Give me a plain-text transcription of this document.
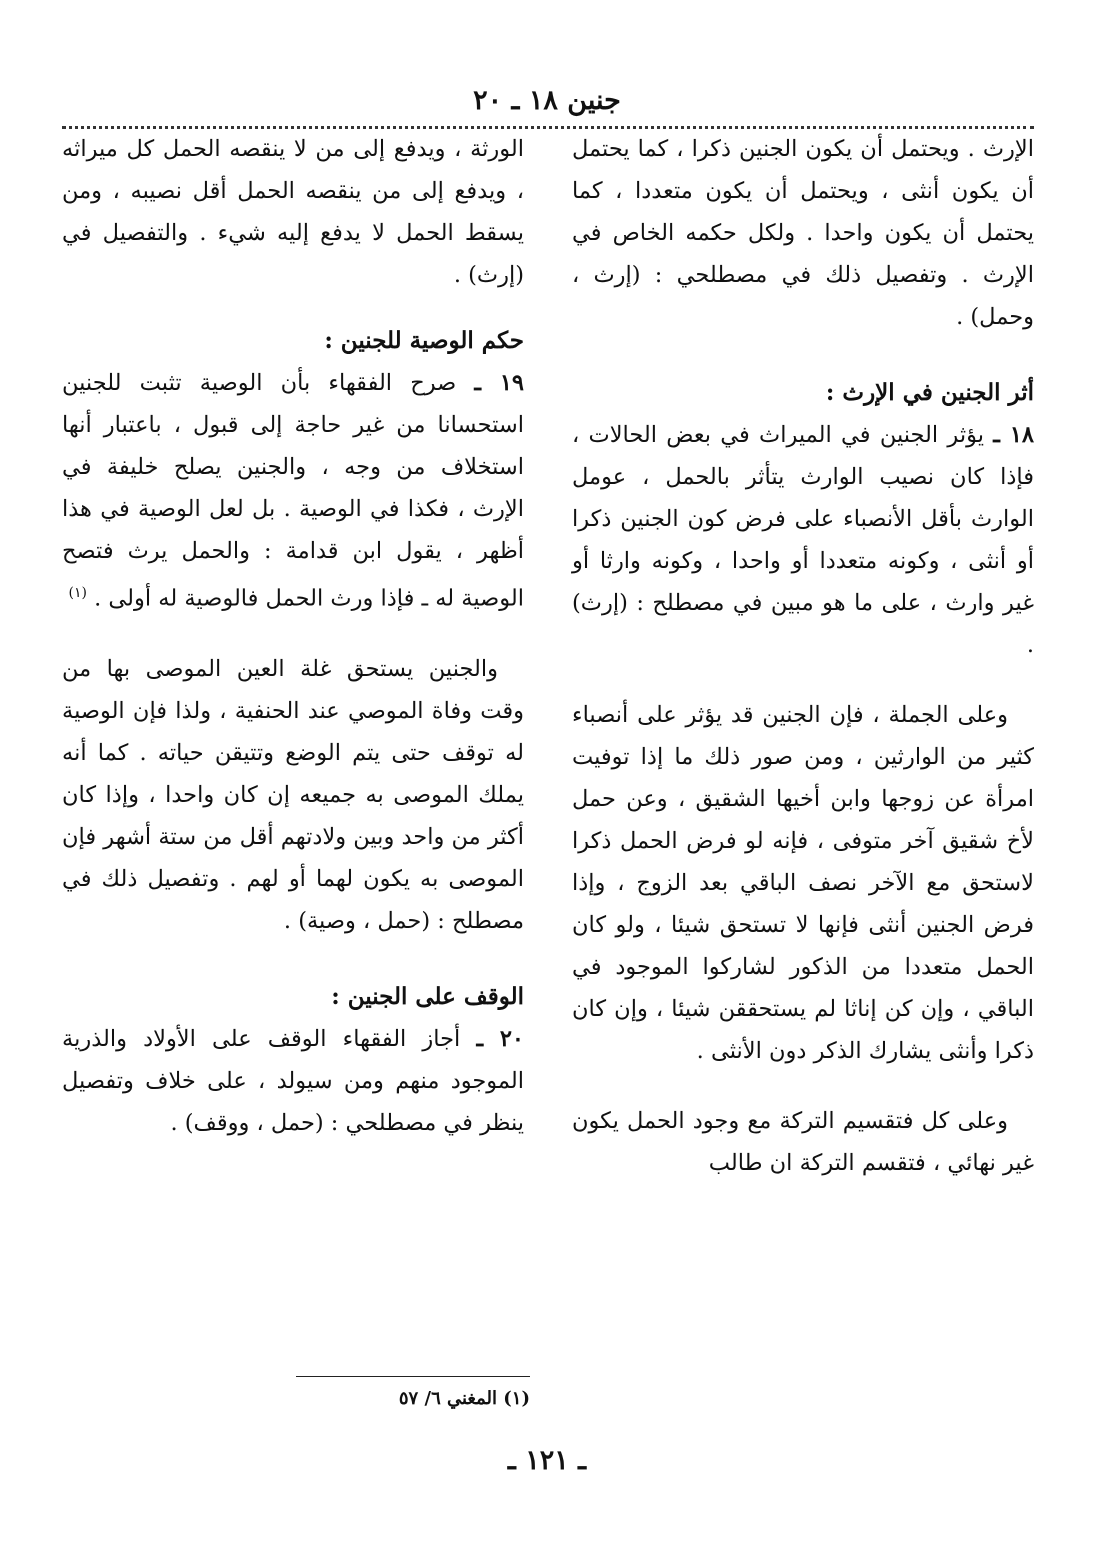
جنين ١٨ ـ ٢٠

الإرث . ويحتمل أن يكون الجنين ذكرا ، كما يحتمل أن يكون أنثى ، ويحتمل أن يكون متعددا ، كما يحتمل أن يكون واحدا . ولكل حكمه الخاص في الإرث . وتفصيل ذلك في مصطلحي : (إرث ، وحمل) .

أثر الجنين في الإرث :

١٨ ـ يؤثر الجنين في الميراث في بعض الحالات ، فإذا كان نصيب الوارث يتأثر بالحمل ، عومل الوارث بأقل الأنصباء على فرض كون الجنين ذكرا أو أنثى ، وكونه متعددا أو واحدا ، وكونه وارثا أو غير وارث ، على ما هو مبين في مصطلح : (إرث) .

وعلى الجملة ، فإن الجنين قد يؤثر على أنصباء كثير من الوارثين ، ومن صور ذلك ما إذا توفيت امرأة عن زوجها وابن أخيها الشقيق ، وعن حمل لأخ شقيق آخر متوفى ، فإنه لو فرض الحمل ذكرا لاستحق مع الآخر نصف الباقي بعد الزوج ، وإذا فرض الجنين أنثى فإنها لا تستحق شيئا ، ولو كان الحمل متعددا من الذكور لشاركوا الموجود في الباقي ، وإن كن إناثا لم يستحققن شيئا ، وإن كان ذكرا وأنثى يشارك الذكر دون الأنثى .

وعلى كل فتقسيم التركة مع وجود الحمل يكون غير نهائي ، فتقسم التركة ان طالب

الورثة ، ويدفع إلى من لا ينقصه الحمل كل ميراثه ، ويدفع إلى من ينقصه الحمل أقل نصيبه ، ومن يسقط الحمل لا يدفع إليه شيء . والتفصيل في (إرث) .

حكم الوصية للجنين :

١٩ ـ صرح الفقهاء بأن الوصية تثبت للجنين استحسانا من غير حاجة إلى قبول ، باعتبار أنها استخلاف من وجه ، والجنين يصلح خليفة في الإرث ، فكذا في الوصية . بل لعل الوصية في هذا أظهر ، يقول ابن قدامة : والحمل يرث فتصح الوصية له ـ فإذا ورث الحمل فالوصية له أولى . $^{(١)}$

والجنين يستحق غلة العين الموصى بها من وقت وفاة الموصي عند الحنفية ، ولذا فإن الوصية له توقف حتى يتم الوضع وتتيقن حياته . كما أنه يملك الموصى به جميعه إن كان واحدا ، وإذا كان أكثر من واحد وبين ولادتهم أقل من ستة أشهر فإن الموصى به يكون لهما أو لهم . وتفصيل ذلك في مصطلح : (حمل ، وصية) .

الوقف على الجنين :

٢٠ ـ أجاز الفقهاء الوقف على الأولاد والذرية الموجود منهم ومن سيولد ، على خلاف وتفصيل ينظر في مصطلحي : (حمل ، ووقف) .

(١) المغني ٦/ ٥٧
ـ ١٢١ ـ
